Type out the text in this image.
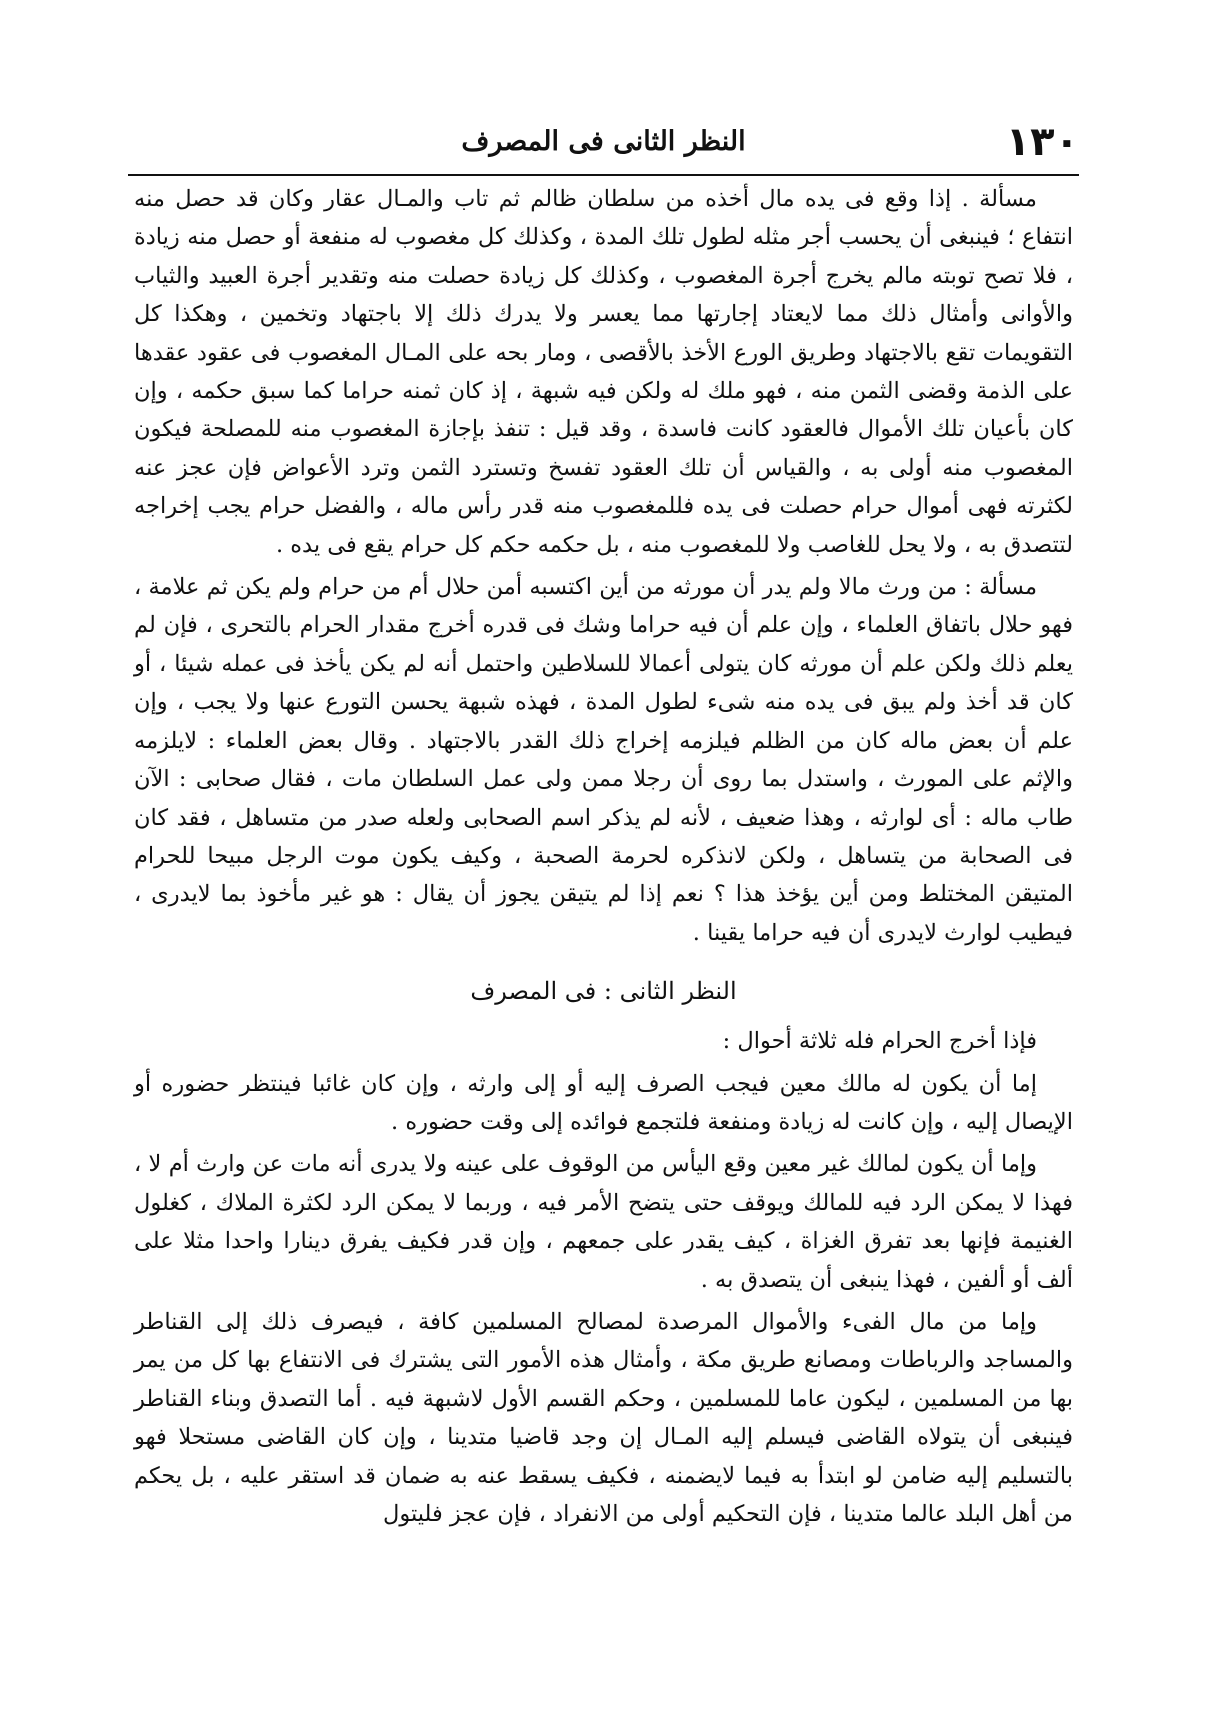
١٣٠
النظر الثانى فى المصرف

مسألة . إذا وقع فى يده مال أخذه من سلطان ظالم ثم تاب والمـال عقار وكان قد حصل منه انتفاع ؛ فينبغى أن يحسب أجر مثله لطول تلك المدة ، وكذلك كل مغصوب له منفعة أو حصل منه زيادة ، فلا تصح توبته مالم يخرج أجرة المغصوب ، وكذلك كل زيادة حصلت منه وتقدير أجرة العبيد والثياب والأوانى وأمثال ذلك مما لايعتاد إجارتها مما يعسر ولا يدرك ذلك إلا باجتهاد وتخمين ، وهكذا كل التقويمات تقع بالاجتهاد وطريق الورع الأخذ بالأقصى ، ومار بحه على المـال المغصوب فى عقود عقدها على الذمة وقضى الثمن منه ، فهو ملك له ولكن فيه شبهة ، إذ كان ثمنه حراما كما سبق حكمه ، وإن كان بأعيان تلك الأموال فالعقود كانت فاسدة ، وقد قيل : تنفذ بإجازة المغصوب منه للمصلحة فيكون المغصوب منه أولى به ، والقياس أن تلك العقود تفسخ وتسترد الثمن وترد الأعواض فإن عجز عنه لكثرته فهى أموال حرام حصلت فى يده فللمغصوب منه قدر رأس ماله ، والفضل حرام يجب إخراجه لتتصدق به ، ولا يحل للغاصب ولا للمغصوب منه ، بل حكمه حكم كل حرام يقع فى يده .

مسألة : من ورث مالا ولم يدر أن مورثه من أين اكتسبه أمن حلال أم من حرام ولم يكن ثم علامة ، فهو حلال باتفاق العلماء ، وإن علم أن فيه حراما وشك فى قدره أخرج مقدار الحرام بالتحرى ، فإن لم يعلم ذلك ولكن علم أن مورثه كان يتولى أعمالا للسلاطين واحتمل أنه لم يكن يأخذ فى عمله شيئا ، أو كان قد أخذ ولم يبق فى يده منه شىء لطول المدة ، فهذه شبهة يحسن التورع عنها ولا يجب ، وإن علم أن بعض ماله كان من الظلم فيلزمه إخراج ذلك القدر بالاجتهاد . وقال بعض العلماء : لايلزمه والإثم على المورث ، واستدل بما روى أن رجلا ممن ولى عمل السلطان مات ، فقال صحابى : الآن طاب ماله : أى لوارثه ، وهذا ضعيف ، لأنه لم يذكر اسم الصحابى ولعله صدر من متساهل ، فقد كان فى الصحابة من يتساهل ، ولكن لانذكره لحرمة الصحبة ، وكيف يكون موت الرجل مبيحا للحرام المتيقن المختلط ومن أين يؤخذ هذا ؟ نعم إذا لم يتيقن يجوز أن يقال : هو غير مأخوذ بما لايدرى ، فيطيب لوارث لايدرى أن فيه حراما يقينا .

النظر الثانى : فى المصرف

فإذا أخرج الحرام فله ثلاثة أحوال :

إما أن يكون له مالك معين فيجب الصرف إليه أو إلى وارثه ، وإن كان غائبا فينتظر حضوره أو الإيصال إليه ، وإن كانت له زيادة ومنفعة فلتجمع فوائده إلى وقت حضوره .

وإما أن يكون لمالك غير معين وقع اليأس من الوقوف على عينه ولا يدرى أنه مات عن وارث أم لا ، فهذا لا يمكن الرد فيه للمالك ويوقف حتى يتضح الأمر فيه ، وربما لا يمكن الرد لكثرة الملاك ، كغلول الغنيمة فإنها بعد تفرق الغزاة ، كيف يقدر على جمعهم ، وإن قدر فكيف يفرق دينارا واحدا مثلا على ألف أو ألفين ، فهذا ينبغى أن يتصدق به .

وإما من مال الفىء والأموال المرصدة لمصالح المسلمين كافة ، فيصرف ذلك إلى القناطر والمساجد والرباطات ومصانع طريق مكة ، وأمثال هذه الأمور التى يشترك فى الانتفاع بها كل من يمر بها من المسلمين ، ليكون عاما للمسلمين ، وحكم القسم الأول لاشبهة فيه . أما التصدق وبناء القناطر فينبغى أن يتولاه القاضى فيسلم إليه المـال إن وجد قاضيا متدينا ، وإن كان القاضى مستحلا فهو بالتسليم إليه ضامن لو ابتدأ به فيما لايضمنه ، فكيف يسقط عنه به ضمان قد استقر عليه ، بل يحكم من أهل البلد عالما متدينا ، فإن التحكيم أولى من الانفراد ، فإن عجز فليتول
